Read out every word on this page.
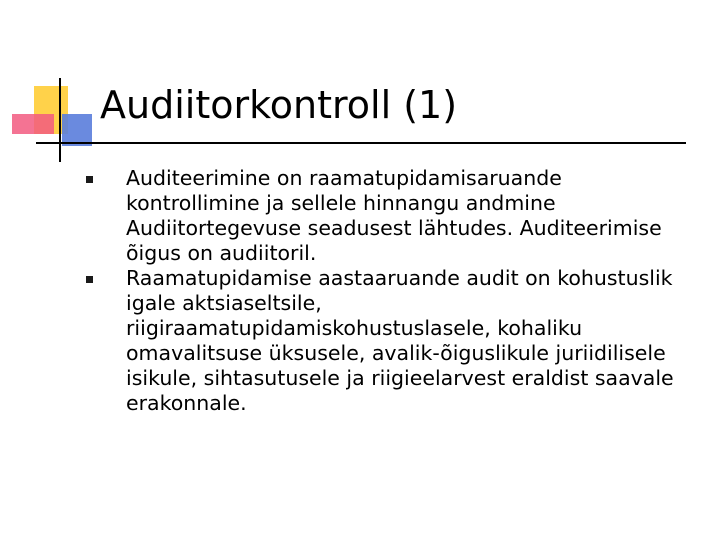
Audiitorkontroll (1)
Auditeerimine on raamatupidamisaruande kontrollimine ja sellele hinnangu andmine Audiitortegevuse seadusest lähtudes. Auditeerimise õigus on audiitoril.
Raamatupidamise aastaaruande audit on kohustuslik igale aktsiaseltsile, riigiraamatupidamiskohustuslasele, kohaliku omavalitsuse üksusele, avalik-õiguslikule juriidilisele isikule, sihtasutusele ja riigieelarvest eraldist saavale erakonnale.
